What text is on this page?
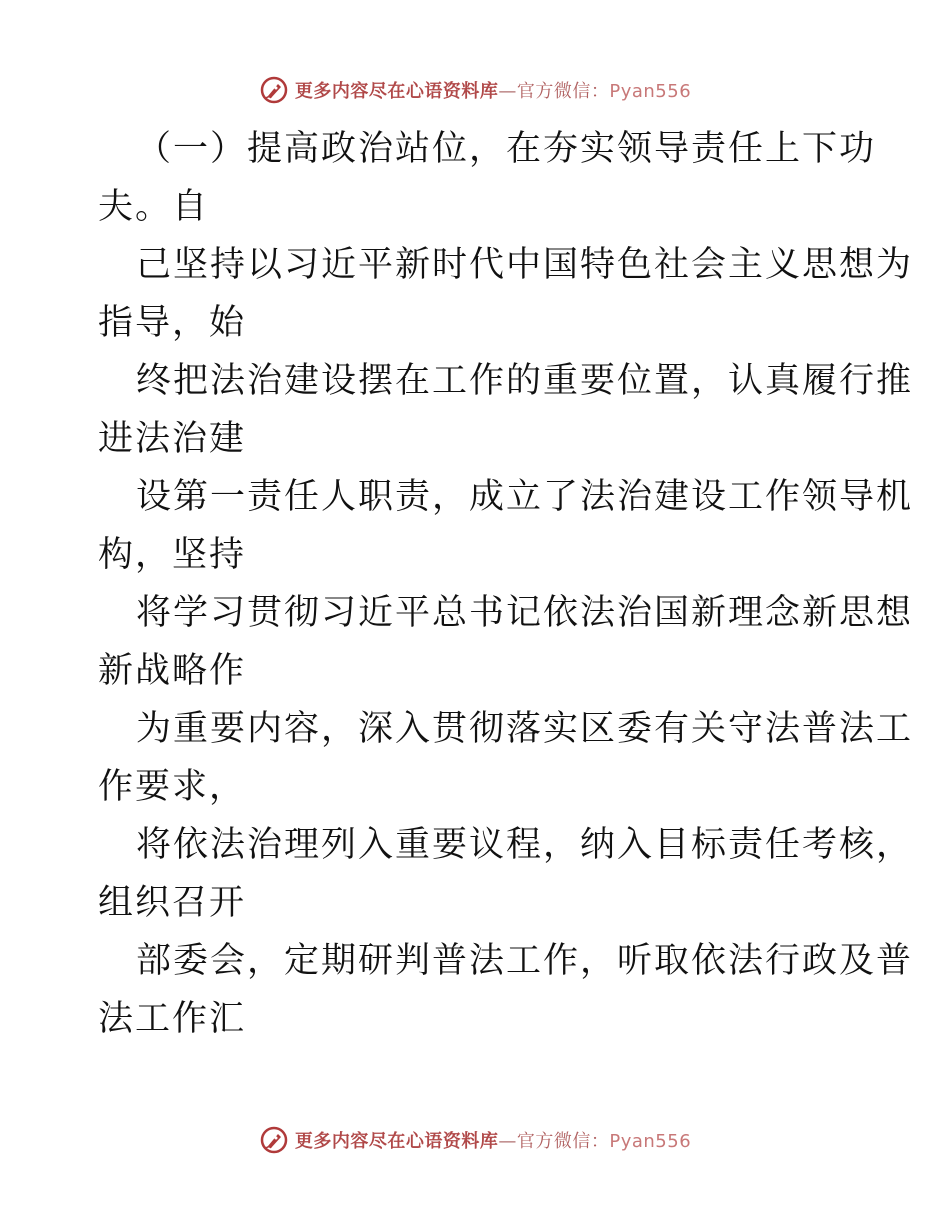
更多内容尽在心语资料库—官方微信：Pyan556
（一）提高政治站位，在夯实领导责任上下功
夫。自
己坚持以习近平新时代中国特色社会主义思想为
指导，始
终把法治建设摆在工作的重要位置，认真履行推
进法治建
设第一责任人职责，成立了法治建设工作领导机
构，坚持
将学习贯彻习近平总书记依法治国新理念新思想
新战略作
为重要内容，深入贯彻落实区委有关守法普法工
作要求，
将依法治理列入重要议程，纳入目标责任考核，
组织召开
部委会，定期研判普法工作，听取依法行政及普
法工作汇
更多内容尽在心语资料库—官方微信：Pyan556
